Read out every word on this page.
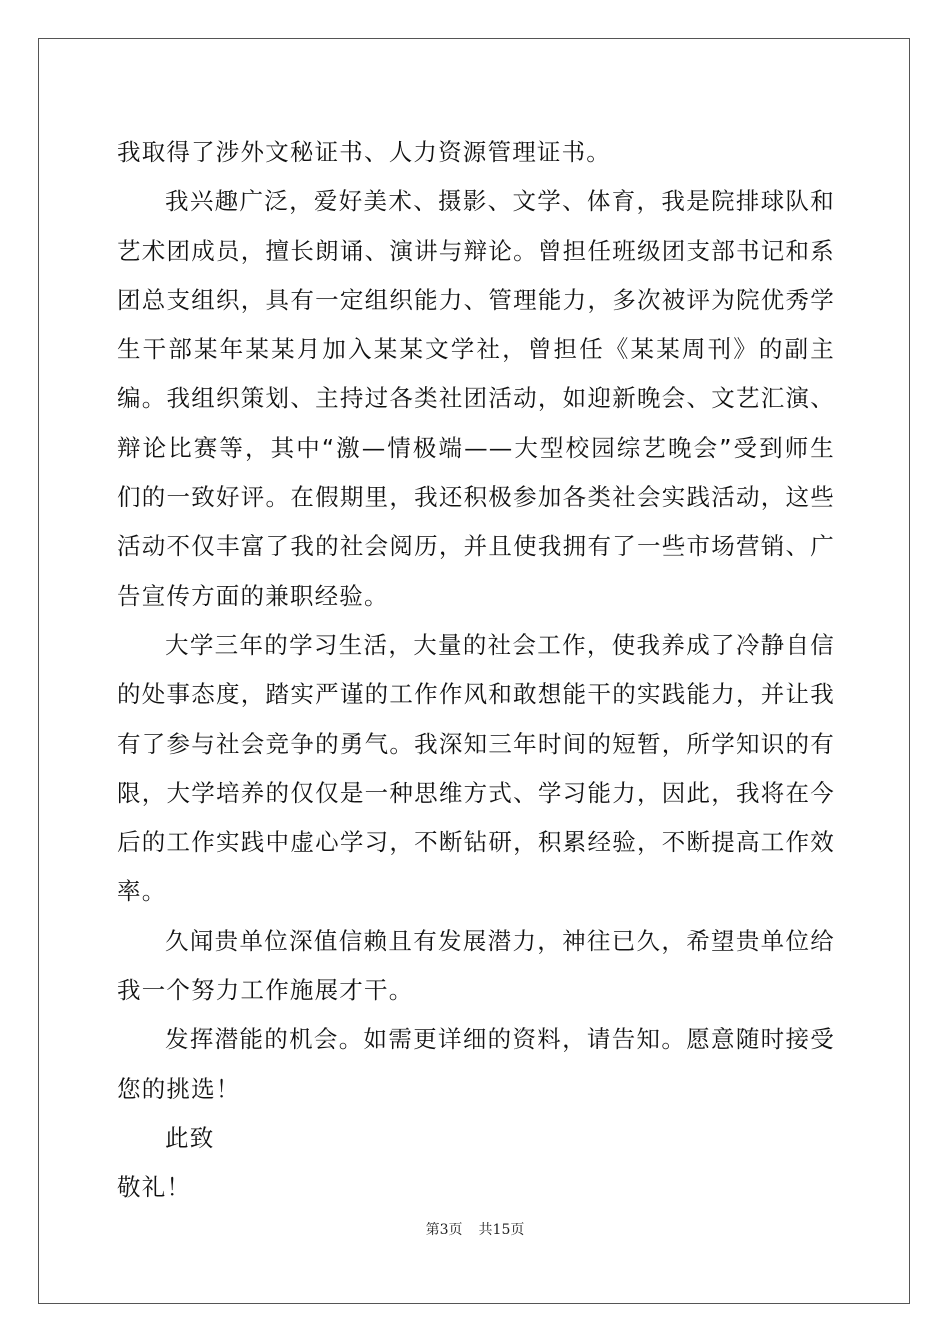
我取得了涉外文秘证书、人力资源管理证书。

我兴趣广泛，爱好美术、摄影、文学、体育，我是院排球队和艺术团成员，擅长朗诵、演讲与辩论。曾担任班级团支部书记和系团总支组织，具有一定组织能力、管理能力，多次被评为院优秀学生干部某年某某月加入某某文学社，曾担任《某某周刊》的副主编。我组织策划、主持过各类社团活动，如迎新晚会、文艺汇演、辩论比赛等，其中“激—情极端——大型校园综艺晚会”受到师生们的一致好评。在假期里，我还积极参加各类社会实践活动，这些活动不仅丰富了我的社会阅历，并且使我拥有了一些市场营销、广告宣传方面的兼职经验。

大学三年的学习生活，大量的社会工作，使我养成了冷静自信的处事态度，踏实严谨的工作作风和敢想能干的实践能力，并让我有了参与社会竞争的勇气。我深知三年时间的短暂，所学知识的有限，大学培养的仅仅是一种思维方式、学习能力，因此，我将在今后的工作实践中虚心学习，不断钻研，积累经验，不断提高工作效率。

久闻贵单位深值信赖且有发展潜力，神往已久，希望贵单位给我一个努力工作施展才干。

发挥潜能的机会。如需更详细的资料，请告知。愿意随时接受您的挑选！

此致

敬礼！

第3页 共15页
